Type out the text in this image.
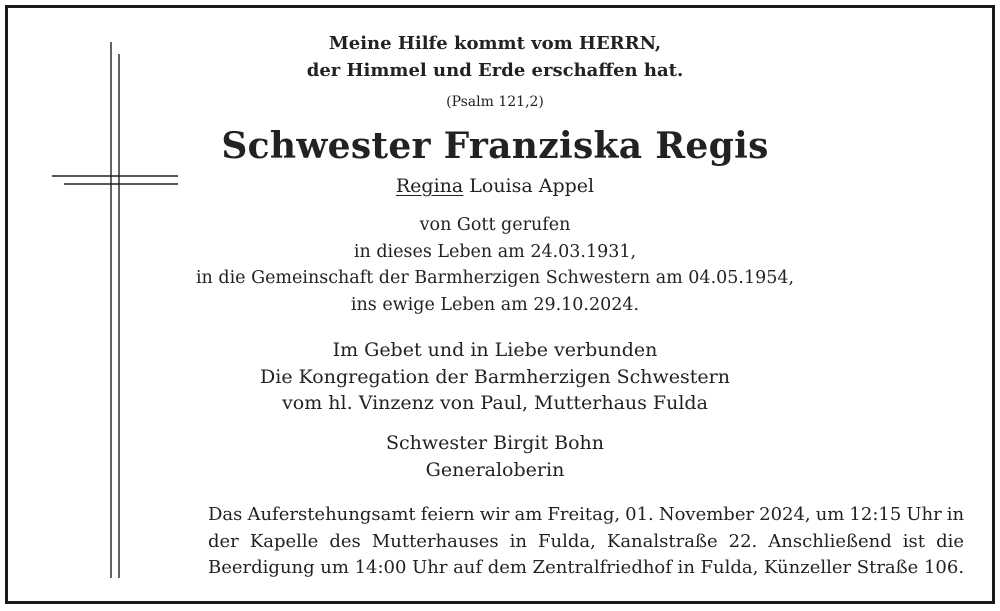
Meine Hilfe kommt vom HERRN,
der Himmel und Erde erschaffen hat.
(Psalm 121,2)
Schwester Franziska Regis
Regina Louisa Appel
von Gott gerufen
in dieses Leben am 24.03.1931,
in die Gemeinschaft der Barmherzigen Schwestern am 04.05.1954,
ins ewige Leben am 29.10.2024.
Im Gebet und in Liebe verbunden
Die Kongregation der Barmherzigen Schwestern
vom hl. Vinzenz von Paul, Mutterhaus Fulda
Schwester Birgit Bohn
Generaloberin
Das Auferstehungsamt feiern wir am Freitag, 01. November 2024, um 12:15 Uhr in
der Kapelle des Mutterhauses in Fulda, Kanalstraße 22. Anschließend ist die
Beerdigung um 14:00 Uhr auf dem Zentralfriedhof in Fulda, Künzeller Straße 106.
